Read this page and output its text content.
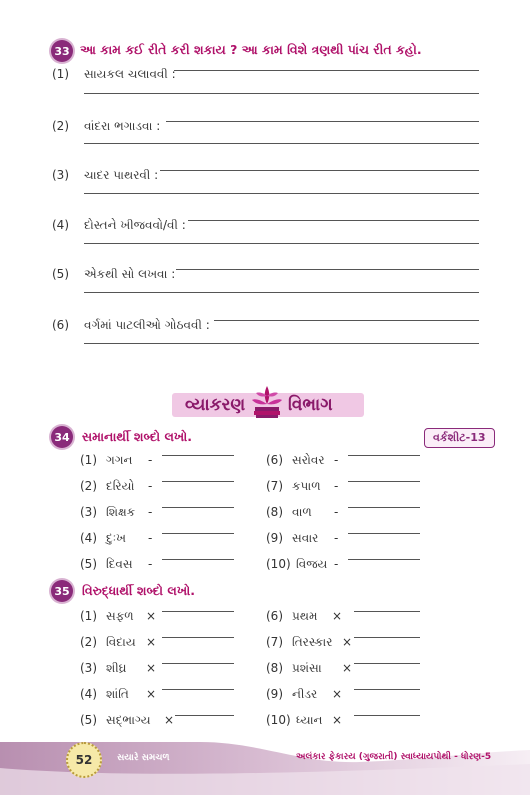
33 આ કામ કઈ રીતે કરી શકાય ? આ કામ વિશે ત્રણથી પાંચ રીત કહો.
(1) સાયકલ ચલાવવી :
(2) વાંદરા ભગાડવા :
(3) ચાદર પાથરવી :
(4) દોસ્તને ખીજવવો/વી :
(5) એકથી સો લખવા :
(6) વર્ગમાં પાટલીઓ ગોઠવવી :
વ્યાકરણ	વિભાગ
34 સમાનાર્થી શબ્દો લખો.	વર્કશીટ-13
(1) ગગન -
(2) દરિયો -
(3) શિક્ષક -
(4) દુઃખ -
(5) દિવસ -
(6) સરોવર -
(7) કપાળ -
(8) વાળ -
(9) સવાર -
(10) વિજય -
35 વિરુદ્ધાર્થી શબ્દો લખો.
(1) સફળ ×
(2) વિદાય ×
(3) શીઘ્ર ×
(4) શાંતિ ×
(5) સદ્ભાગ્ય ×
(6) પ્રથમ ×
(7) તિરસ્કાર ×
(8) પ્રશંસા ×
(9) નીડર ×
(10) ધ્યાન ×
52	સયારે સમચળ	અલંકાર ફેકારય (ગુજરાતી) સ્વાધ્યાયપોથી - ધોરણ-5
